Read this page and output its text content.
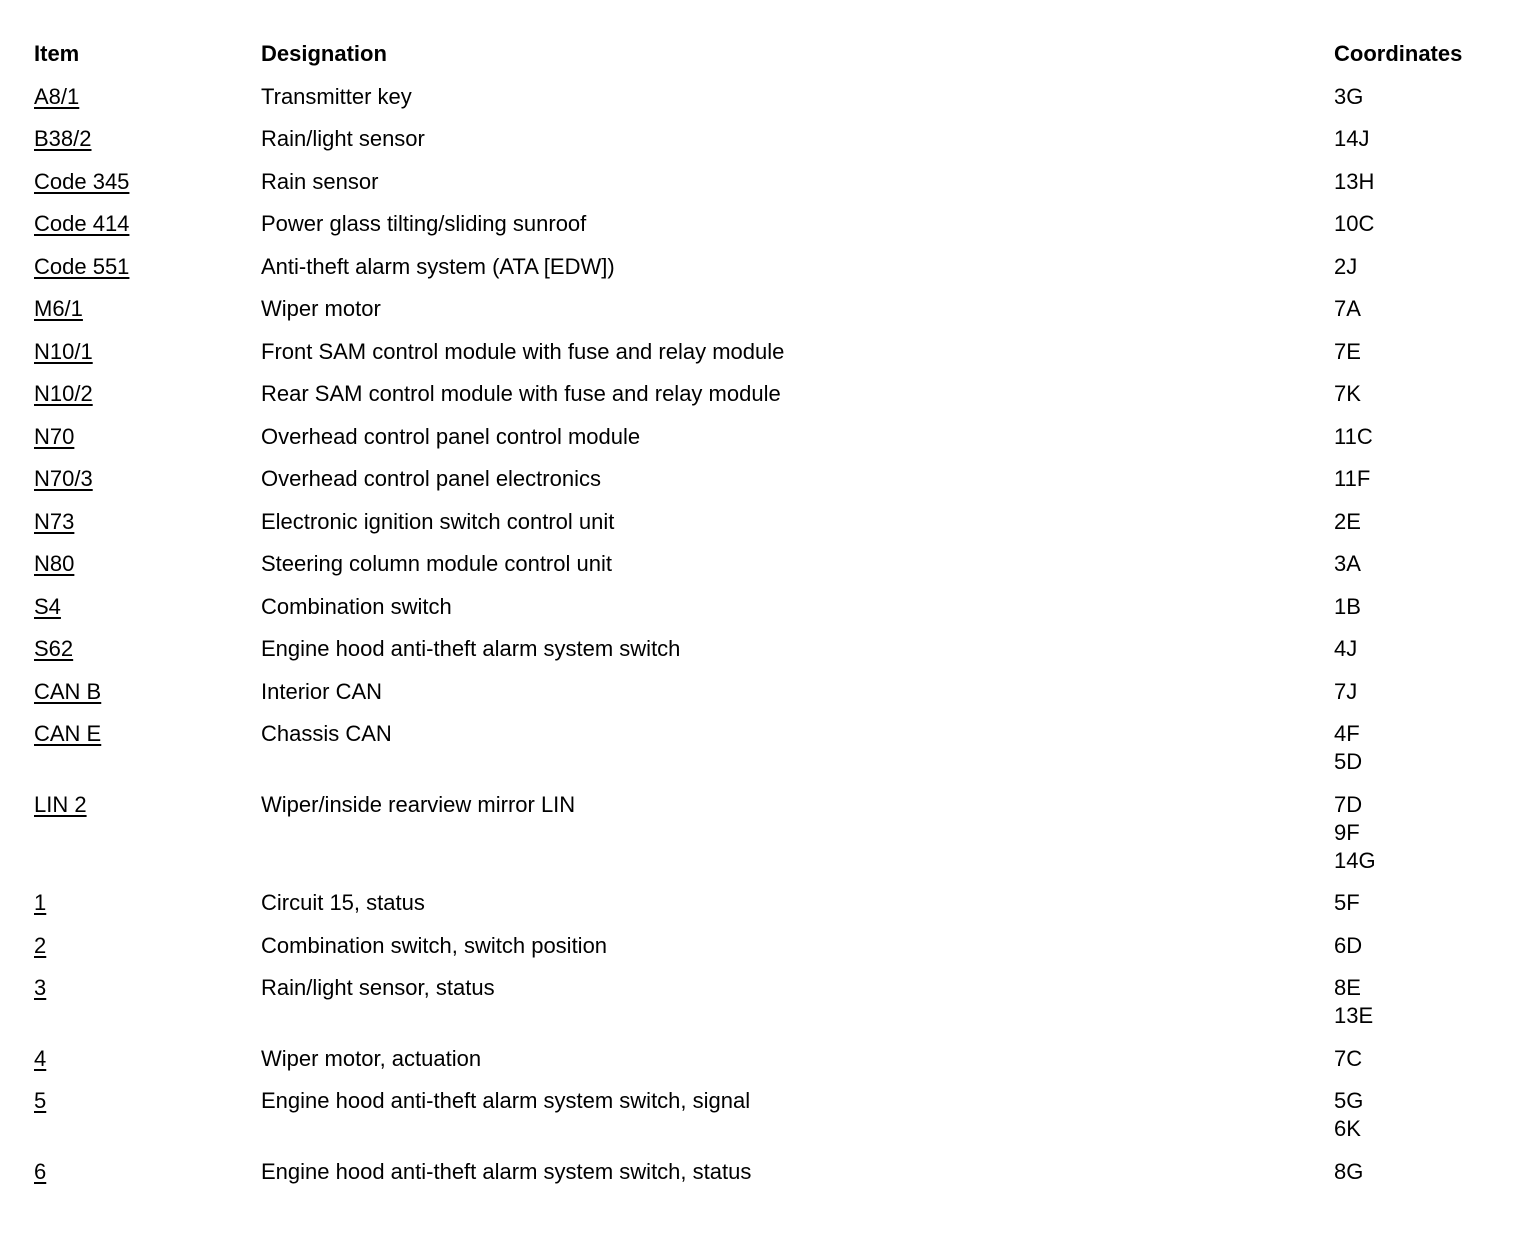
Item	Designation	Coordinates
A8/1	Transmitter key	3G
B38/2	Rain/light sensor	14J
Code 345	Rain sensor	13H
Code 414	Power glass tilting/sliding sunroof	10C
Code 551	Anti-theft alarm system (ATA [EDW])	2J
M6/1	Wiper motor	7A
N10/1	Front SAM control module with fuse and relay module	7E
N10/2	Rear SAM control module with fuse and relay module	7K
N70	Overhead control panel control module	11C
N70/3	Overhead control panel electronics	11F
N73	Electronic ignition switch control unit	2E
N80	Steering column module control unit	3A
S4	Combination switch	1B
S62	Engine hood anti-theft alarm system switch	4J
CAN B	Interior CAN	7J
CAN E	Chassis CAN	4F
5D
LIN 2	Wiper/inside rearview mirror LIN	7D
9F
14G
1	Circuit 15, status	5F
2	Combination switch, switch position	6D
3	Rain/light sensor, status	8E
13E
4	Wiper motor, actuation	7C
5	Engine hood anti-theft alarm system switch, signal	5G
6K
6	Engine hood anti-theft alarm system switch, status	8G
